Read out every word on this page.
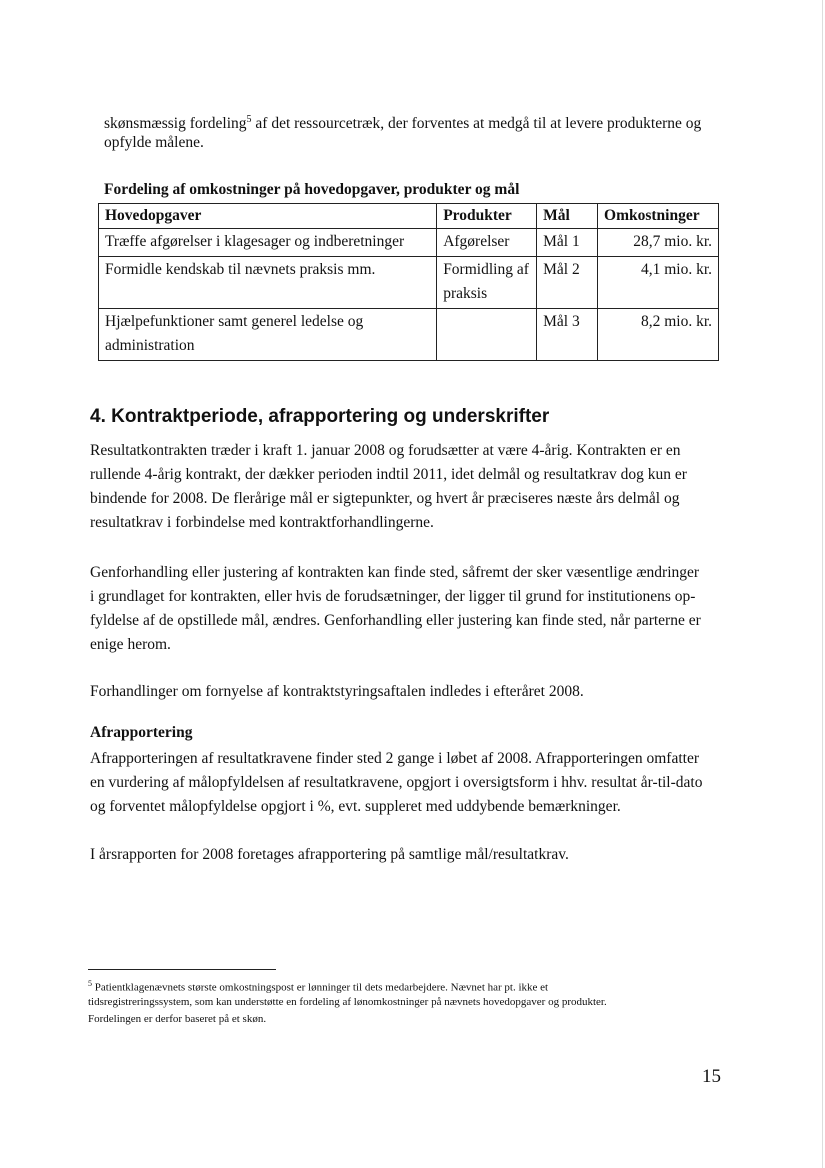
skønsmæssig fordeling$^5$ af det ressourcetræk, der forventes at medgå til at levere produkterne og
opfylde målene.
Fordeling af omkostninger på hovedopgaver, produkter og mål
Hovedopgaver	Produkter	Mål	Omkostninger
Træffe afgørelser i klagesager og indberetninger	Afgørelser	Mål 1	28,7 mio. kr.
Formidle kendskab til nævnets praksis mm.	Formidling af praksis	Mål 2	4,1 mio. kr.
Hjælpefunktioner samt generel ledelse og administration		Mål 3	8,2 mio. kr.
4. Kontraktperiode, afrapportering og underskrifter
Resultatkontrakten træder i kraft 1. januar 2008 og forudsætter at være 4-årig. Kontrakten er en
rullende 4-årig kontrakt, der dækker perioden indtil 2011, idet delmål og resultatkrav dog kun er
bindende for 2008. De flerårige mål er sigtepunkter, og hvert år præciseres næste års delmål og
resultatkrav i forbindelse med kontraktforhandlingerne.
Genforhandling eller justering af kontrakten kan finde sted, såfremt der sker væsentlige ændringer
i grundlaget for kontrakten, eller hvis de forudsætninger, der ligger til grund for institutionens op-
fyldelse af de opstillede mål, ændres. Genforhandling eller justering kan finde sted, når parterne er
enige herom.
Forhandlinger om fornyelse af kontraktstyringsaftalen indledes i efteråret 2008.
Afrapportering
Afrapporteringen af resultatkravene finder sted 2 gange i løbet af 2008. Afrapporteringen omfatter
en vurdering af målopfyldelsen af resultatkravene, opgjort i oversigtsform i hhv. resultat år-til-dato
og forventet målopfyldelse opgjort i %, evt. suppleret med uddybende bemærkninger.
I årsrapporten for 2008 foretages afrapportering på samtlige mål/resultatkrav.
$^5$ Patientklagenævnets største omkostningspost er lønninger til dets medarbejdere. Nævnet har pt. ikke et
tidsregistreringssystem, som kan understøtte en fordeling af lønomkostninger på nævnets hovedopgaver og produkter.
Fordelingen er derfor baseret på et skøn.
15
